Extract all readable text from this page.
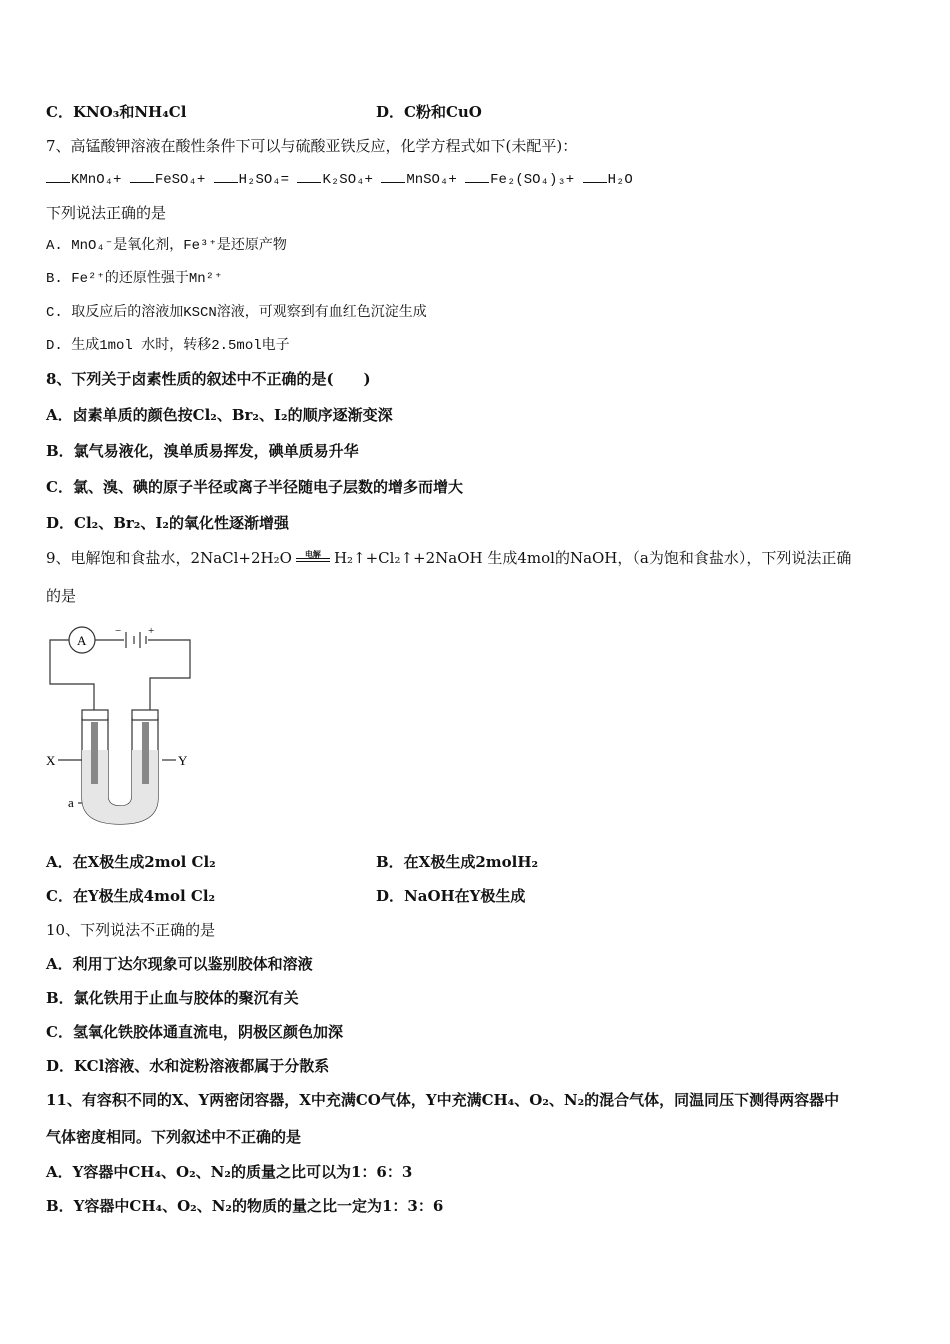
C．KNO₃和NH₄Cl	D．C粉和CuO
7、高锰酸钾溶液在酸性条件下可以与硫酸亚铁反应，化学方程式如下(未配平)：
KMnO₄+ FeSO₄+ H₂SO₄= K₂SO₄+ MnSO₄+ Fe₂(SO₄)₃+ H₂O
下列说法正确的是
A. MnO₄⁻是氧化剂，Fe³⁺是还原产物
B. Fe²⁺的还原性强于Mn²⁺
C. 取反应后的溶液加KSCN溶液，可观察到有血红色沉淀生成
D. 生成1mol 水时，转移2.5mol电子
8、下列关于卤素性质的叙述中不正确的是(　　)
A．卤素单质的颜色按Cl₂、Br₂、I₂的顺序逐渐变深
B．氯气易液化，溴单质易挥发，碘单质易升华
C．氯、溴、碘的原子半径或离子半径随电子层数的增多而增大
D．Cl₂、Br₂、I₂的氧化性逐渐增强
9、电解饱和食盐水，2NaCl+2H₂O	电解 H₂↑+Cl₂↑+2NaOH 生成4mol的NaOH，（a为饱和食盐水），下列说法正确
的是
A
− +
X	Y
a
A．在X极生成2mol Cl₂	B．在X极生成2molH₂
C．在Y极生成4mol Cl₂	D．NaOH在Y极生成
10、下列说法不正确的是
A．利用丁达尔现象可以鉴别胶体和溶液
B．氯化铁用于止血与胶体的聚沉有关
C．氢氧化铁胶体通直流电，阴极区颜色加深
D．KCl溶液、水和淀粉溶液都属于分散系
11、有容积不同的X、Y两密闭容器，X中充满CO气体，Y中充满CH₄、O₂、N₂的混合气体，同温同压下测得两容器中
气体密度相同。下列叙述中不正确的是
A．Y容器中CH₄、O₂、N₂的质量之比可以为1：6：3
B．Y容器中CH₄、O₂、N₂的物质的量之比一定为1：3：6
